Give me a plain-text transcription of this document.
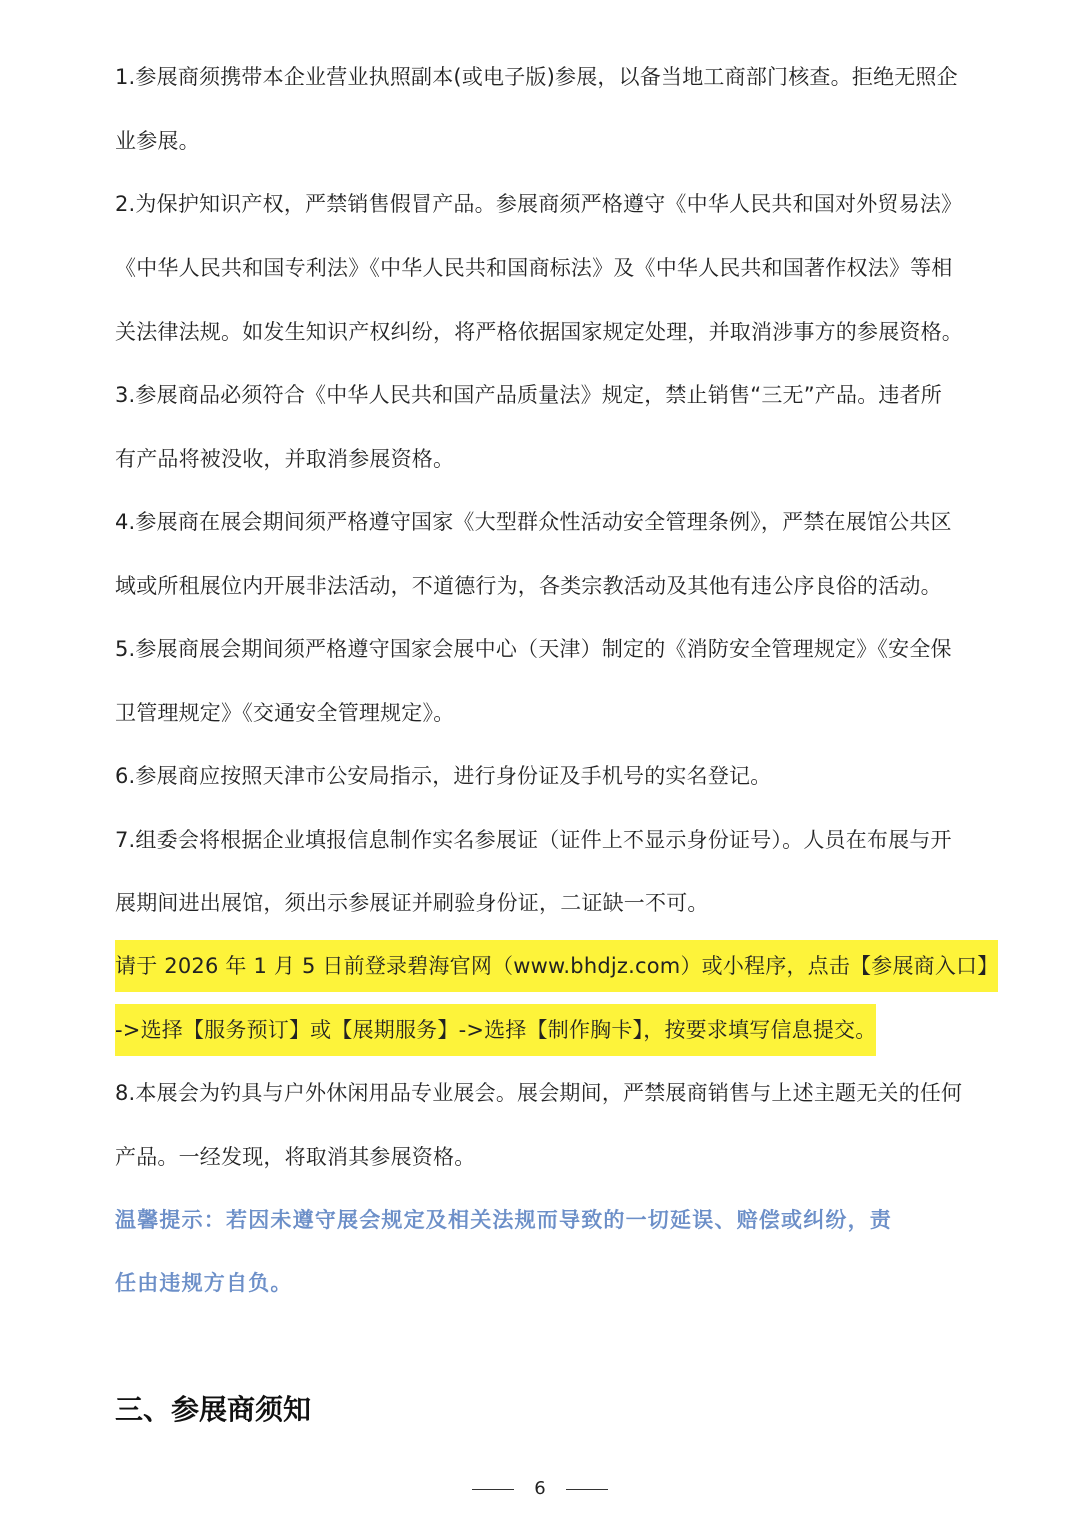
1.参展商须携带本企业营业执照副本(或电子版)参展，以备当地工商部门核查。拒绝无照企
业参展。
2.为保护知识产权，严禁销售假冒产品。参展商须严格遵守《中华人民共和国对外贸易法》
《中华人民共和国专利法》《中华人民共和国商标法》及《中华人民共和国著作权法》等相
关法律法规。如发生知识产权纠纷，将严格依据国家规定处理，并取消涉事方的参展资格。
3.参展商品必须符合《中华人民共和国产品质量法》规定，禁止销售“三无”产品。违者所
有产品将被没收，并取消参展资格。
4.参展商在展会期间须严格遵守国家《大型群众性活动安全管理条例》，严禁在展馆公共区
域或所租展位内开展非法活动，不道德行为，各类宗教活动及其他有违公序良俗的活动。
5.参展商展会期间须严格遵守国家会展中心（天津）制定的《消防安全管理规定》《安全保
卫管理规定》《交通安全管理规定》。
6.参展商应按照天津市公安局指示，进行身份证及手机号的实名登记。
7.组委会将根据企业填报信息制作实名参展证（证件上不显示身份证号）。人员在布展与开
展期间进出展馆，须出示参展证并刷验身份证，二证缺一不可。
请于 2026 年 1 月 5 日前登录碧海官网（www.bhdjz.com）或小程序，点击【参展商入口】
->选择【服务预订】或【展期服务】->选择【制作胸卡】，按要求填写信息提交。
8.本展会为钓具与户外休闲用品专业展会。展会期间，严禁展商销售与上述主题无关的任何
产品。一经发现，将取消其参展资格。
温馨提示：若因未遵守展会规定及相关法规而导致的一切延误、赔偿或纠纷，责
任由违规方自负。
三、参展商须知
6
